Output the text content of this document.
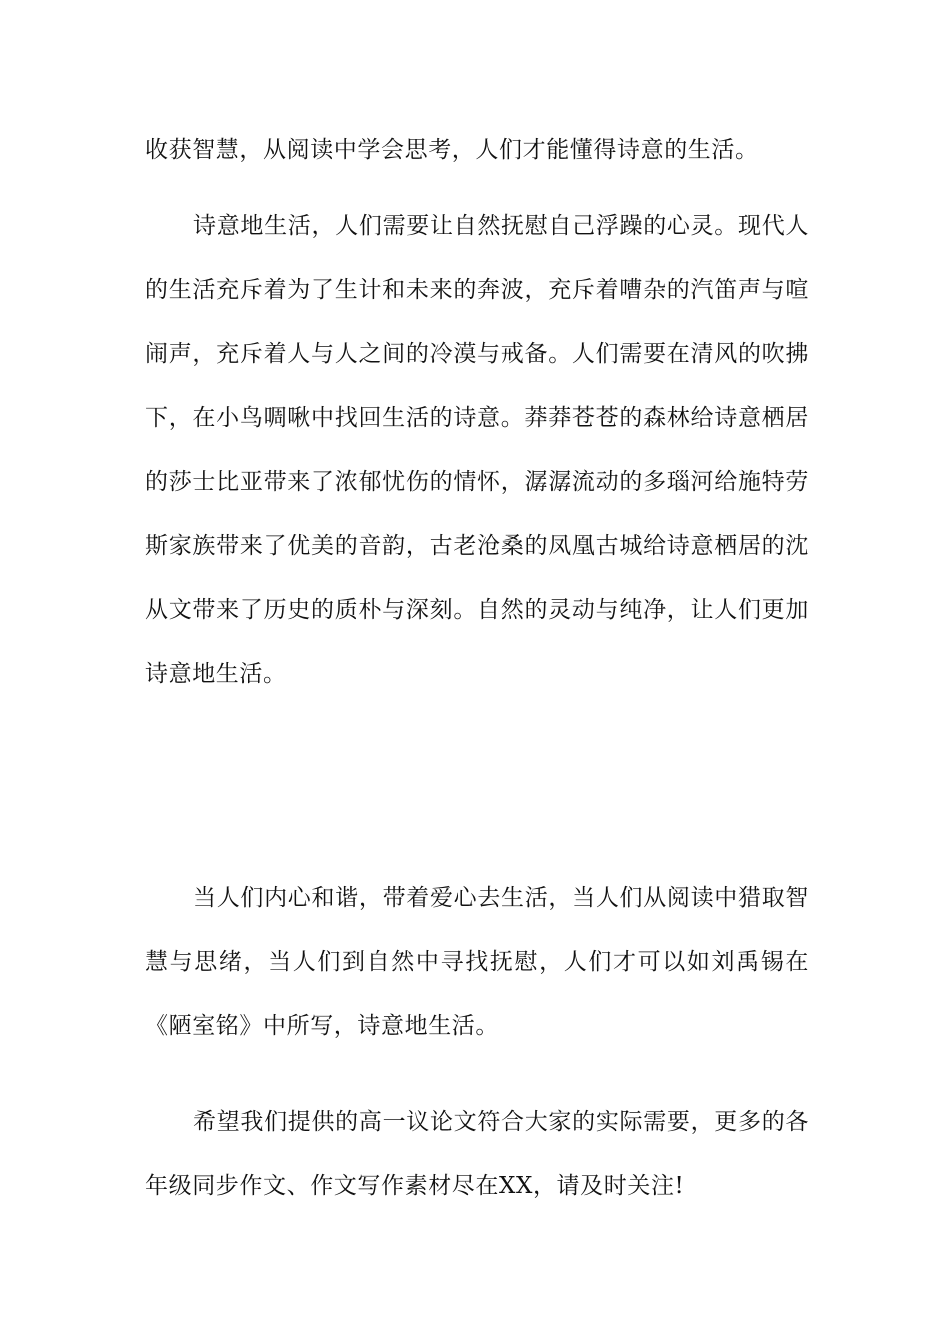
收获智慧，从阅读中学会思考，人们才能懂得诗意的生活。

诗意地生活，人们需要让自然抚慰自己浮躁的心灵。现代人的生活充斥着为了生计和未来的奔波，充斥着嘈杂的汽笛声与喧闹声，充斥着人与人之间的冷漠与戒备。人们需要在清风的吹拂下，在小鸟啁啾中找回生活的诗意。莽莽苍苍的森林给诗意栖居的莎士比亚带来了浓郁忧伤的情怀，潺潺流动的多瑙河给施特劳斯家族带来了优美的音韵，古老沧桑的凤凰古城给诗意栖居的沈从文带来了历史的质朴与深刻。自然的灵动与纯净，让人们更加诗意地生活。

当人们内心和谐，带着爱心去生活，当人们从阅读中猎取智慧与思绪，当人们到自然中寻找抚慰，人们才可以如刘禹锡在《陋室铭》中所写，诗意地生活。

希望我们提供的高一议论文符合大家的实际需要，更多的各年级同步作文、作文写作素材尽在XX，请及时关注!
